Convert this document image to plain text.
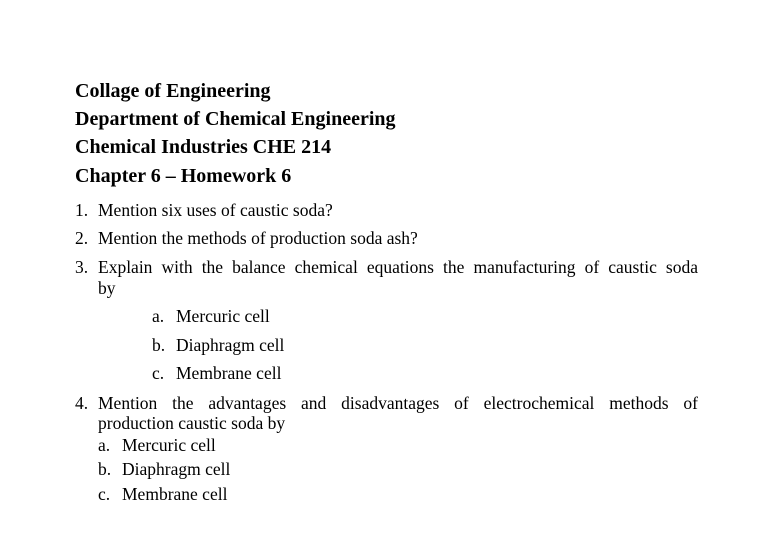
Collage of Engineering
Department of Chemical Engineering
Chemical Industries CHE 214
Chapter 6 – Homework 6
1. Mention six uses of caustic soda?
2. Mention the methods of production soda ash?
3. Explain with the balance chemical equations the manufacturing of caustic soda
by
a. Mercuric cell
b. Diaphragm cell
c. Membrane cell
4. Mention the advantages and disadvantages of electrochemical methods of
production caustic soda by
a. Mercuric cell
b. Diaphragm cell
c. Membrane cell
